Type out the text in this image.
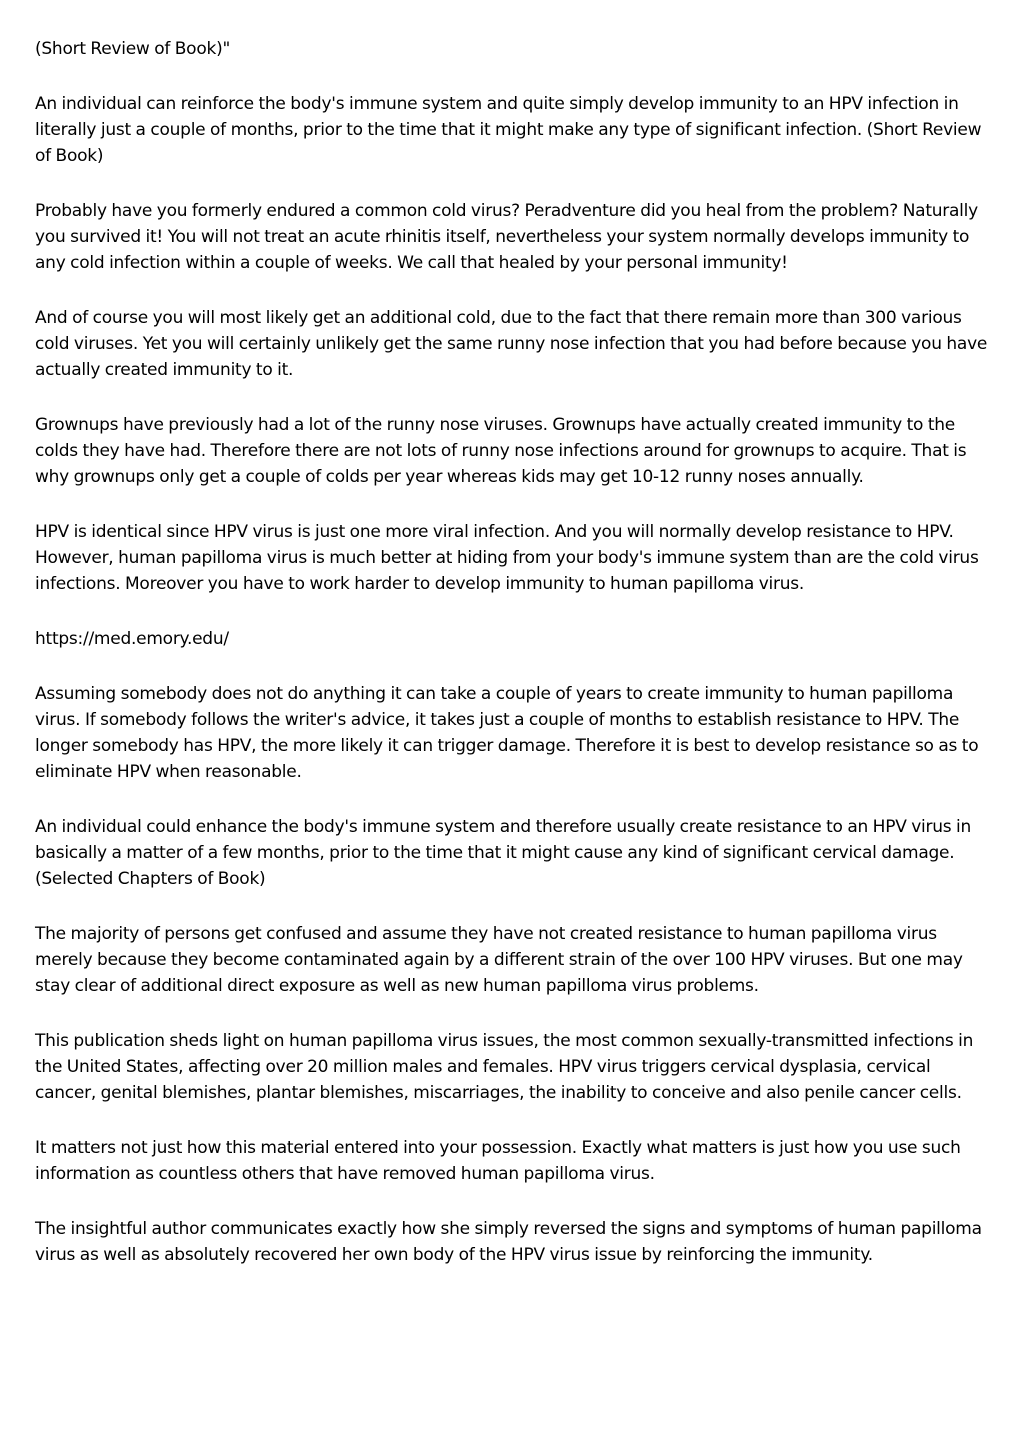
(Short Review of Book)"

An individual can reinforce the body's immune system and quite simply develop immunity to an HPV infection in literally just a couple of months, prior to the time that it might make any type of significant infection. (Short Review of Book)

Probably have you formerly endured a common cold virus? Peradventure did you heal from the problem? Naturally you survived it! You will not treat an acute rhinitis itself, nevertheless your system normally develops immunity to any cold infection within a couple of weeks. We call that healed by your personal immunity!

And of course you will most likely get an additional cold, due to the fact that there remain more than 300 various cold viruses. Yet you will certainly unlikely get the same runny nose infection that you had before because you have actually created immunity to it.

Grownups have previously had a lot of the runny nose viruses. Grownups have actually created immunity to the colds they have had. Therefore there are not lots of runny nose infections around for grownups to acquire. That is why grownups only get a couple of colds per year whereas kids may get 10-12 runny noses annually.

HPV is identical since HPV virus is just one more viral infection. And you will normally develop resistance to HPV. However, human papilloma virus is much better at hiding from your body's immune system than are the cold virus infections. Moreover you have to work harder to develop immunity to human papilloma virus.

https://med.emory.edu/

Assuming somebody does not do anything it can take a couple of years to create immunity to human papilloma virus. If somebody follows the writer's advice, it takes just a couple of months to establish resistance to HPV. The longer somebody has HPV, the more likely it can trigger damage. Therefore it is best to develop resistance so as to eliminate HPV when reasonable.

An individual could enhance the body's immune system and therefore usually create resistance to an HPV virus in basically a matter of a few months, prior to the time that it might cause any kind of significant cervical damage. (Selected Chapters of Book)

The majority of persons get confused and assume they have not created resistance to human papilloma virus merely because they become contaminated again by a different strain of the over 100 HPV viruses. But one may stay clear of additional direct exposure as well as new human papilloma virus problems.

This publication sheds light on human papilloma virus issues, the most common sexually-transmitted infections in the United States, affecting over 20 million males and females. HPV virus triggers cervical dysplasia, cervical cancer, genital blemishes, plantar blemishes, miscarriages, the inability to conceive and also penile cancer cells.

It matters not just how this material entered into your possession. Exactly what matters is just how you use such information as countless others that have removed human papilloma virus.

The insightful author communicates exactly how she simply reversed the signs and symptoms of human papilloma virus as well as absolutely recovered her own body of the HPV virus issue by reinforcing the immunity.
